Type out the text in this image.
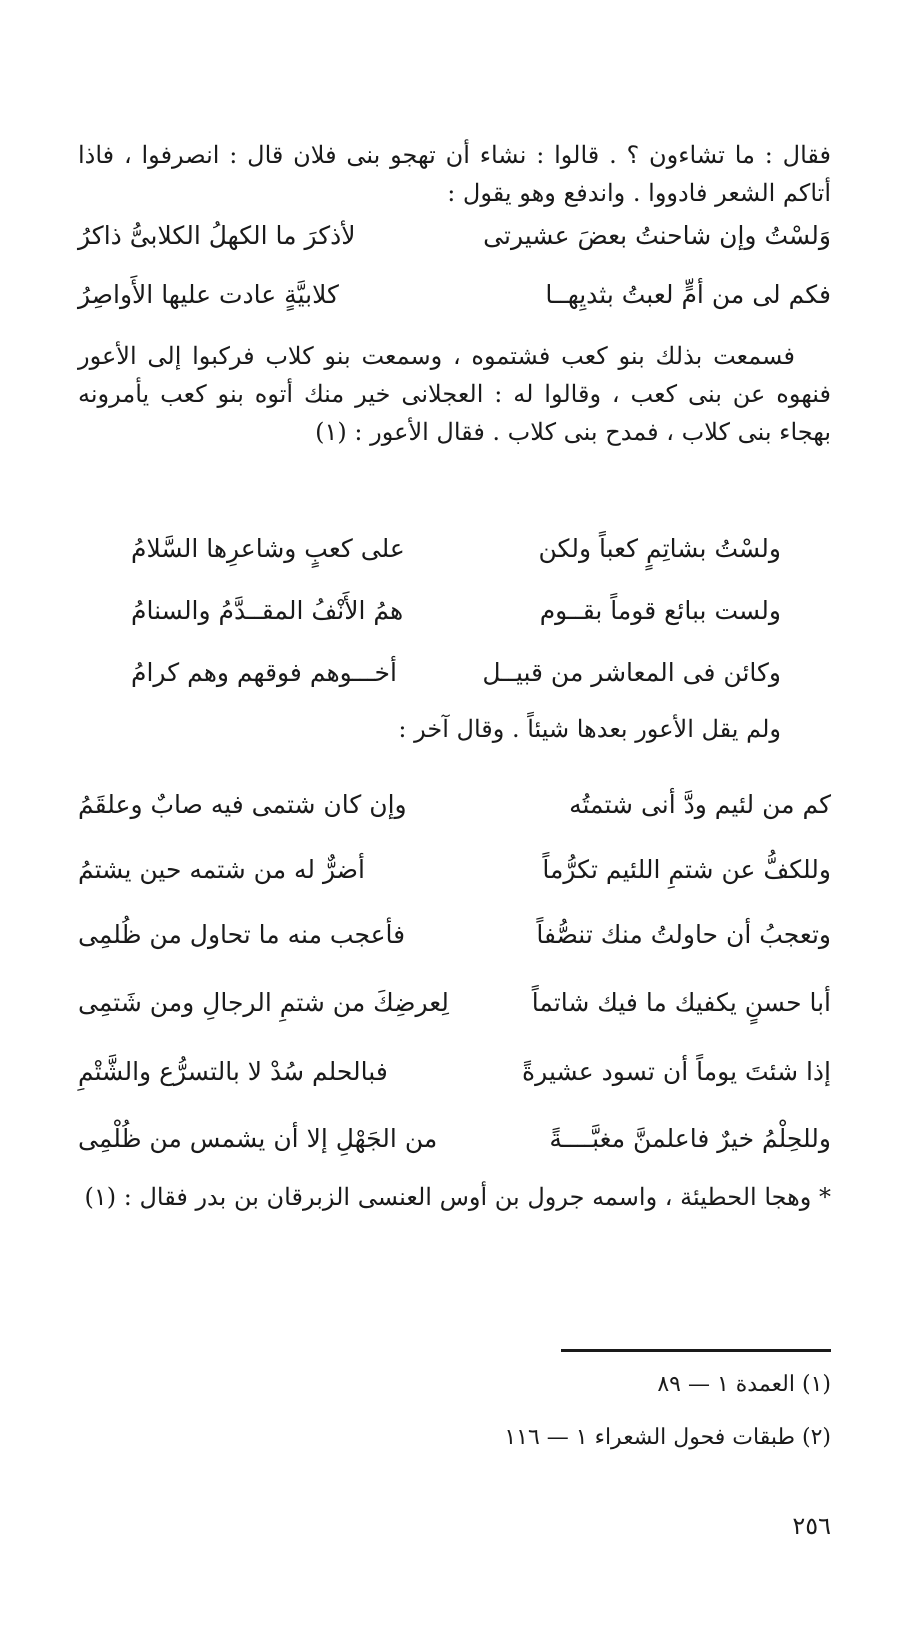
فقال : ما تشاءون ؟ . قالوا : نشاء أن تهجو بنى فلان قال : انصرفوا ، فاذا أتاكم الشعر فادووا . واندفع وهو يقول :

وَلسْتُ وإن شاحنتُ بعضَ عشيرتى
لأذكرَ ما الكهلُ الكلابىُّ ذاكرُ
فكم لى من أمٍّ لعبتُ بثديِهــا
كلابيَّةٍ عادت عليها الأَواصِرُ

فسمعت بذلك بنو كعب فشتموه ، وسمعت بنو كلاب فركبوا إلى الأعور فنهوه عن بنى كعب ، وقالوا له : العجلانى خير منك أتوه بنو كعب يأمرونه بهجاء بنى كلاب ، فمدح بنى كلاب . فقال الأعور : (١)

ولسْتُ بشاتِمٍ كعباً ولكن
على كعبٍ وشاعرِها السَّلامُ
ولست ببائع قوماً بقــوم
همُ الأَنْفُ المقــدَّمُ والسنامُ
وكائن فى المعاشر من قبيــل
أخـــوهم فوقهم وهم كرامُ

ولم يقل الأعور بعدها شيئاً . وقال آخر :

كم من لئيم ودَّ أنى شتمتُه
وإن كان شتمى فيه صابٌ وعلقَمُ
وللكفُّ عن شتمِ اللئيم تكرُّماً
أضرٌّ له من شتمه حين يشتمُ
وتعجبُ أن حاولتُ منك تنصُّفاً
فأعجب منه ما تحاول من ظُلمِى
أبا حسنٍ يكفيك ما فيك شاتماً
لِعرضِكَ من شتمِ الرجالِ ومن شَتمِى
إذا شئتَ يوماً أن تسود عشيرةً
فبالحلم سُدْ لا بالتسرُّع والشَّتْمِ
وللحِلْمُ خيرٌ فاعلمنَّ مغبَّــــةً
من الجَهْلِ إلا أن يشمس من ظُلْمِى

* وهجا الحطيئة ، واسمه جرول بن أوس العنسى الزبرقان بن بدر فقال : (١)

(١) العمدة ١ — ٨٩
(٢) طبقات فحول الشعراء ١ — ١١٦
٢٥٦
